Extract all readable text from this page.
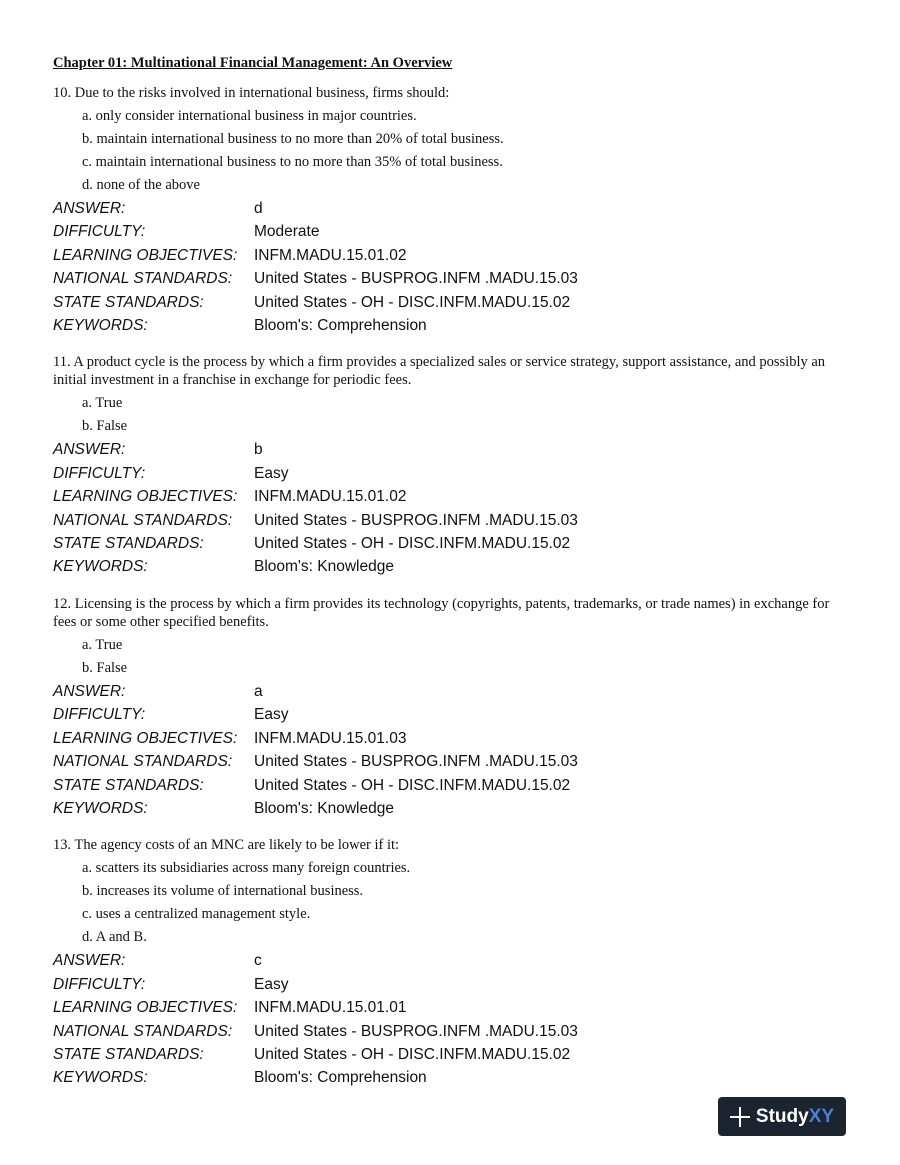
Chapter 01: Multinational Financial Management: An Overview
10. Due to the risks involved in international business, firms should:
a. only consider international business in major countries.
b. maintain international business to no more than 20% of total business.
c. maintain international business to no more than 35% of total business.
d. none of the above
ANSWER:	d
DIFFICULTY:	Moderate
LEARNING OBJECTIVES:	INFM.MADU.15.01.02
NATIONAL STANDARDS:	United States - BUSPROG.INFM .MADU.15.03
STATE STANDARDS:	United States - OH - DISC.INFM.MADU.15.02
KEYWORDS:	Bloom's: Comprehension
11. A product cycle is the process by which a firm provides a specialized sales or service strategy, support assistance, and possibly an initial investment in a franchise in exchange for periodic fees.
a. True
b. False
ANSWER:	b
DIFFICULTY:	Easy
LEARNING OBJECTIVES:	INFM.MADU.15.01.02
NATIONAL STANDARDS:	United States - BUSPROG.INFM .MADU.15.03
STATE STANDARDS:	United States - OH - DISC.INFM.MADU.15.02
KEYWORDS:	Bloom's: Knowledge
12. Licensing is the process by which a firm provides its technology (copyrights, patents, trademarks, or trade names) in exchange for fees or some other specified benefits.
a. True
b. False
ANSWER:	a
DIFFICULTY:	Easy
LEARNING OBJECTIVES:	INFM.MADU.15.01.03
NATIONAL STANDARDS:	United States - BUSPROG.INFM .MADU.15.03
STATE STANDARDS:	United States - OH - DISC.INFM.MADU.15.02
KEYWORDS:	Bloom's: Knowledge
13. The agency costs of an MNC are likely to be lower if it:
a. scatters its subsidiaries across many foreign countries.
b. increases its volume of international business.
c. uses a centralized management style.
d. A and B.
ANSWER:	c
DIFFICULTY:	Easy
LEARNING OBJECTIVES:	INFM.MADU.15.01.01
NATIONAL STANDARDS:	United States - BUSPROG.INFM .MADU.15.03
STATE STANDARDS:	United States - OH - DISC.INFM.MADU.15.02
KEYWORDS:	Bloom's: Comprehension
StudyXY
